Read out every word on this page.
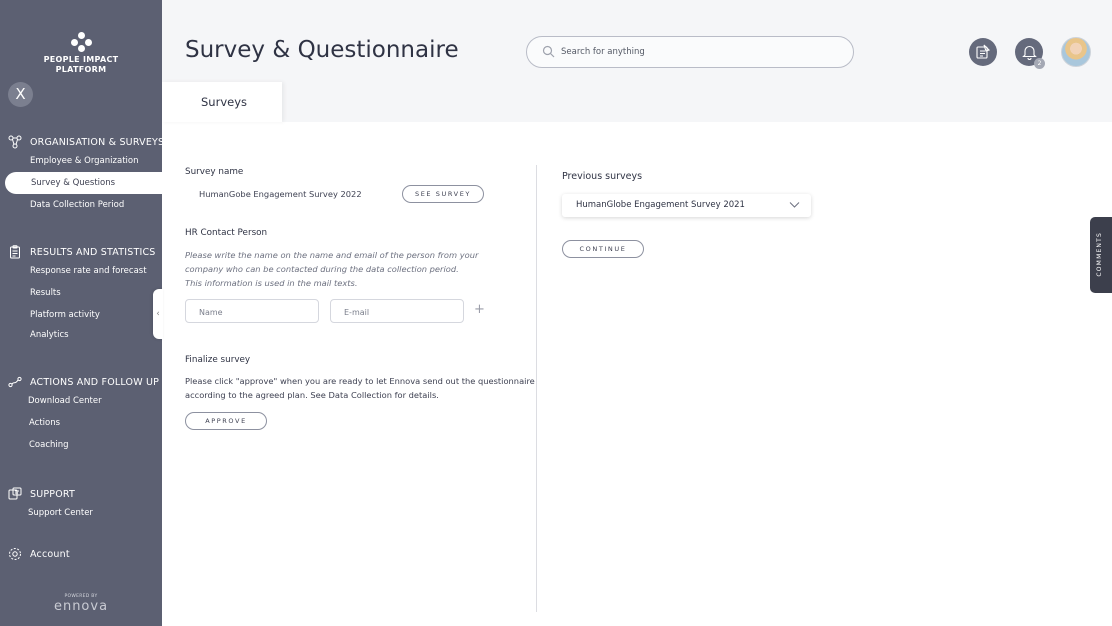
PEOPLE IMPACT
PLATFORM
X
ORGANISATION & SURVEYS
Employee & Organization
Survey & Questions
Data Collection Period
RESULTS AND STATISTICS
Response rate and forecast
Results
Platform activity
Analytics
ACTIONS AND FOLLOW UP
Download Center
Actions
Coaching
SUPPORT
Support Center
Account
POWERED BY
ennova
Survey & Questionnaire
Search for anything
2
Surveys
‹
Survey name
HumanGobe Engagement Survey 2022	SEE SURVEY
HR Contact Person
Please write the name on the name and email of the person from your
company who can be contacted during the data collection period.
This information is used in the mail texts.
Name
E-mail
+
Finalize survey
Please click "approve" when you are ready to let Ennova send out the questionnaire
according to the agreed plan. See Data Collection for details.
APPROVE
Previous surveys
HumanGlobe Engagement Survey 2021
CONTINUE	COMMENTS
